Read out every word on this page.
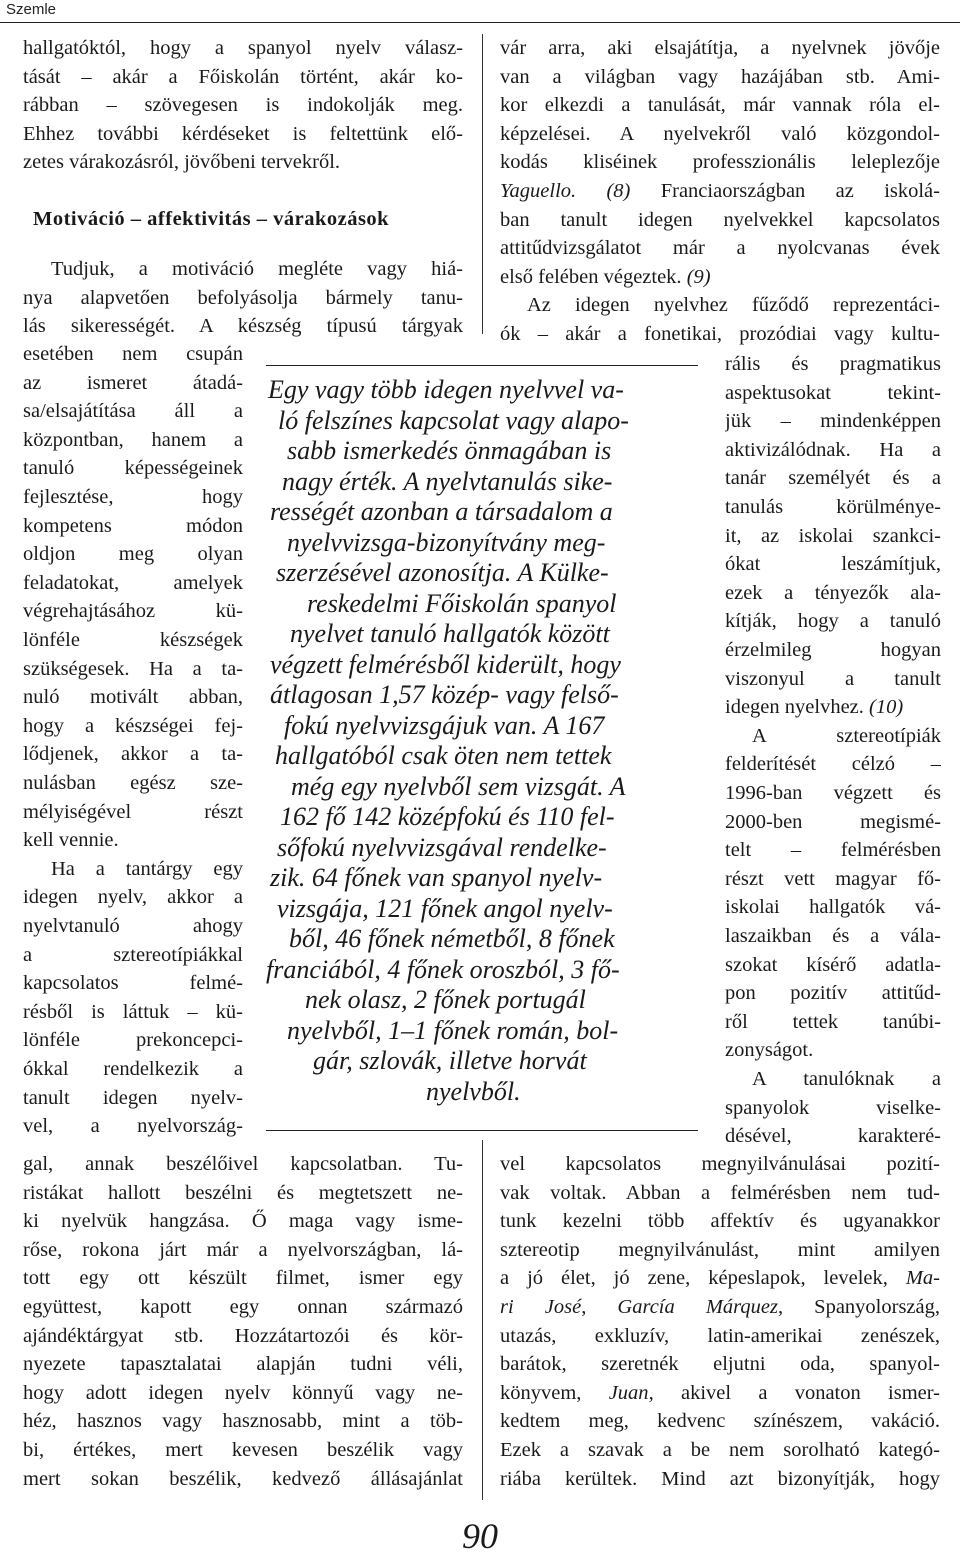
Szemle
hallgatóktól, hogy a spanyol nyelv válasz-
tását – akár a Főiskolán történt, akár ko-
rábban – szövegesen is indokolják meg.
Ehhez további kérdéseket is feltettünk elő-
zetes várakozásról, jövőbeni tervekről.
Motiváció – affektivitás – várakozások
Tudjuk, a motiváció megléte vagy hiá-
nya alapvetően befolyásolja bármely tanu-
lás sikerességét. A készség típusú tárgyak
esetében nem csupán
az ismeret átadá-
sa/elsajátítása áll a
központban, hanem a
tanuló képességeinek
fejlesztése, hogy
kompetens módon
oldjon meg olyan
feladatokat, amelyek
végrehajtásához kü-
lönféle készségek
szükségesek. Ha a ta-
nuló motivált abban,
hogy a készségei fej-
lődjenek, akkor a ta-
nulásban egész sze-
mélyiségével részt
kell vennie.
Ha a tantárgy egy
idegen nyelv, akkor a
nyelvtanuló ahogy
a sztereotípiákkal
kapcsolatos felmé-
résből is láttuk – kü-
lönféle prekoncepci-
ókkal rendelkezik a
tanult idegen nyelv-
vel, a nyelvország-
gal, annak beszélőivel kapcsolatban. Tu-
ristákat hallott beszélni és megtetszett ne-
ki nyelvük hangzása. Ő maga vagy isme-
rőse, rokona járt már a nyelvországban, lá-
tott egy ott készült filmet, ismer egy
együttest, kapott egy onnan származó
ajándéktárgyat stb. Hozzátartozói és kör-
nyezete tapasztalatai alapján tudni véli,
hogy adott idegen nyelv könnyű vagy ne-
héz, hasznos vagy hasznosabb, mint a töb-
bi, értékes, mert kevesen beszélik vagy
mert sokan beszélik, kedvező állásajánlat
vár arra, aki elsajátítja, a nyelvnek jövője
van a világban vagy hazájában stb. Ami-
kor elkezdi a tanulását, már vannak róla el-
képzelései. A nyelvekről való közgondol-
kodás kliséinek professzionális leleplezője
Yaguello. (8) Franciaországban az iskolá-
ban tanult idegen nyelvekkel kapcsolatos
attitűdvizsgálatot már a nyolcvanas évek
első felében végeztek. (9)
Az idegen nyelvhez fűződő reprezentáci-
ók – akár a fonetikai, prozódiai vagy kultu-
rális és pragmatikus
aspektusokat tekint-
jük – mindenképpen
aktivizálódnak. Ha a
tanár személyét és a
tanulás körülménye-
it, az iskolai szankci-
ókat leszámítjuk,
ezek a tényezők ala-
kítják, hogy a tanuló
érzelmileg hogyan
viszonyul a tanult
idegen nyelvhez. (10)
A sztereotípiák
felderítését célzó –
1996-ban végzett és
2000-ben megismé-
telt – felmérésben
részt vett magyar fő-
iskolai hallgatók vá-
laszaikban és a vála-
szokat kísérő adatla-
pon pozitív attitűd-
ről tettek tanúbi-
zonyságot.
A tanulóknak a
spanyolok viselke-
désével, karakteré-
vel kapcsolatos megnyilvánulásai pozití-
vak voltak. Abban a felmérésben nem tud-
tunk kezelni több affektív és ugyanakkor
sztereotip megnyilvánulást, mint amilyen
a jó élet, jó zene, képeslapok, levelek, Ma-
ri José, García Márquez, Spanyolország,
utazás, exkluzív, latin-amerikai zenészek,
barátok, szeretnék eljutni oda, spanyol-
könyvem, Juan, akivel a vonaton ismer-
kedtem meg, kedvenc színészem, vakáció.
Ezek a szavak a be nem sorolható kategó-
riába kerültek. Mind azt bizonyítják, hogy
Egy vagy több idegen nyelvvel va-
ló felszínes kapcsolat vagy alapo-
sabb ismerkedés önmagában is
nagy érték. A nyelvtanulás sike-
rességét azonban a társadalom a
nyelvvizsga-bizonyítvány meg-
szerzésével azonosítja. A Külke-
reskedelmi Főiskolán spanyol
nyelvet tanuló hallgatók között
végzett felmérésből kiderült, hogy
átlagosan 1,57 közép- vagy felső-
fokú nyelvvizsgájuk van. A 167
hallgatóból csak öten nem tettek
még egy nyelvből sem vizsgát. A
162 fő 142 középfokú és 110 fel-
sőfokú nyelvvizsgával rendelke-
zik. 64 főnek van spanyol nyelv-
vizsgája, 121 főnek angol nyelv-
ből, 46 főnek németből, 8 főnek
franciából, 4 főnek oroszból, 3 fő-
nek olasz, 2 főnek portugál
nyelvből, 1–1 főnek román, bol-
gár, szlovák, illetve horvát
nyelvből.
90
